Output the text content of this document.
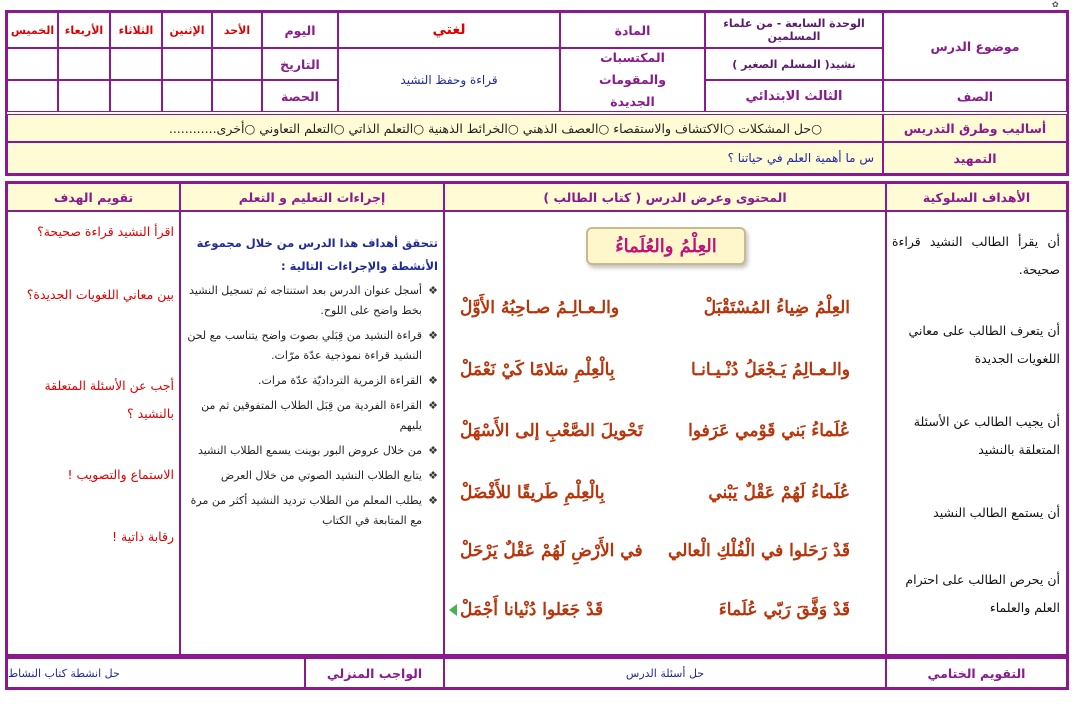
موضوع الدرس
الوحدة السابعة - من علماء المسلمين
نشيد( المسلم الصغير )
المادة
لغتي
اليوم
الأحد
الإثنين
الثلاثاء
الأربعاء
الخميس
المكتسبات والمقومات الجديدة
قراءة وحفظ النشيد
التاريخ
الصف
الثالث الابتدائي
الحصة
أساليب وطرق التدريس
○حل المشكلات ○الاكتشاف والاستقصاء ○العصف الذهني ○الخرائط الذهنية ○التعلم الذاتي ○التعلم التعاوني ○أخرى............
التمهيد
س ما أهمية العلم في حياتنا ؟
الأهداف السلوكية
المحتوى وعرض الدرس ( كتاب الطالب )
إجراءات التعليم و التعلم
تقويم الهدف
أن يقرأ الطالب النشيد قراءة صحيحة.
أن يتعرف الطالب على معاني اللغويات الجديدة
أن يجيب الطالب عن الأسئلة المتعلقة بالنشيد
أن يستمع الطالب النشيد
أن يحرص الطالب على احترام العلم والعلماء
العِلْمُ والعُلَماءُ
العِلْمُ ضِياءُ المُسْتَقْبَلْ
والـعـالِـمُ صـاحِبُهُ الأَوَّلْ
والـعـالِمُ يَـجْعَلُ دُنْـيـانـا
بِالْعِلْمِ سَلامًا كَيْ نَعْمَلْ
عُلَماءُ بَني قَوْمي عَرَفوا
تَحْويلَ الصَّعْبِ إلى الأَسْهَلْ
عُلَماءُ لَهُمْ عَقْلٌ يَبْني
بِالْعِلْمِ طَريقًا للأَفْضَلْ
قَدْ رَحَلوا في الْفُلْكِ الْعالي
في الأَرْضِ لَهُمْ عَقْلٌ يَرْحَلْ
قَدْ وَفَّقَ رَبّي عُلَماءَ
قَدْ جَعَلوا دُنْيانا أَجْمَلْ
تتحقق أهداف هذا الدرس من خلال مجموعة الأنشطة والإجراءات التالية :
❖ أسجل عنوان الدرس بعد استنتاجه ثم تسجيل النشيد بخط واضح على اللوح.
❖ قراءة النشيد من قِبَلي بصوت واضح يتناسب مع لحن النشيد قراءة نموذجية عدّة مرّات.
❖ القراءة الزمرية الترداديّة عدّة مرات.
❖ القراءة الفردية من قِبَل الطلاب المتفوقين ثم من يليهم
❖ من خلال عروض البور بوينت يسمع الطلاب النشيد
❖ يتابع الطلاب النشيد الصوتي من خلال العرض
❖ يطلب المعلم من الطلاب ترديد النشيد أكثر من مرة مع المتابعة في الكتاب
اقرأ النشيد قراءة صحيحة؟
بين معاني اللغويات الجديدة؟
أجب عن الأسئلة المتعلقة بالنشيد ؟
الاستماع والتصويب !
رقابة ذاتية !
التقويم الختامي
حل أسئلة الدرس
الواجب المنزلي
حل انشطة كتاب النشاط
✿
